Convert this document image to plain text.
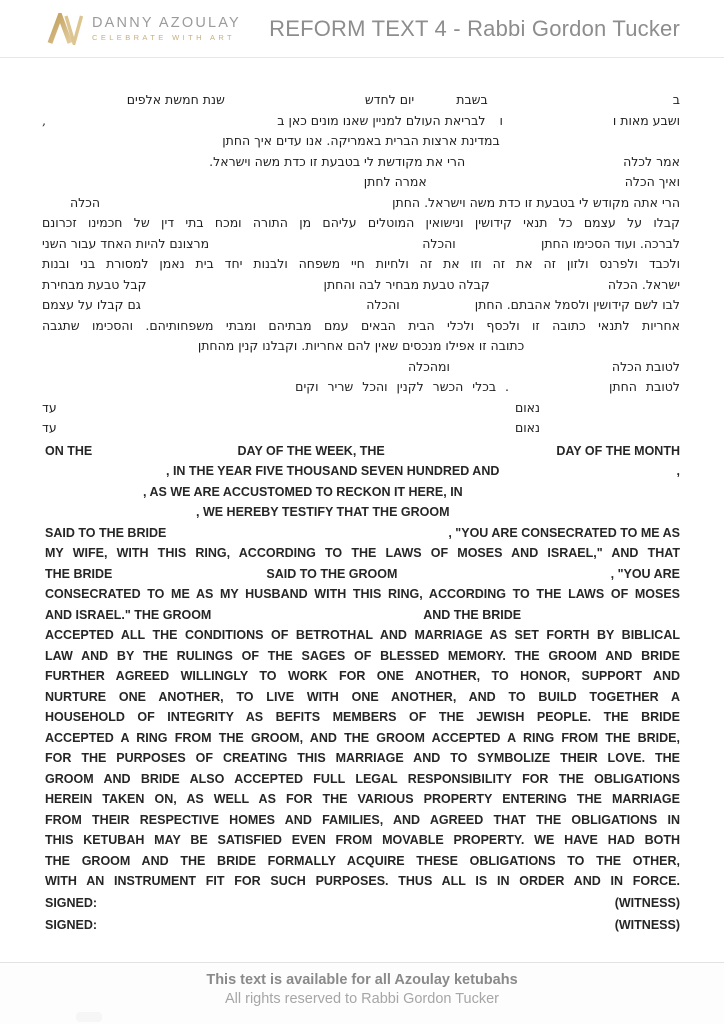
DANNY AZOULAY
CELEBRATE WITH ART REFORM TEXT 4 - Rabbi Gordon Tucker
ב
בשבת
יום לחדש
שנת חמשת אלפים
ושבע מאות ו
ו
לבריאת העולם למניין שאנו מונים כאן ב
,
במדינת ארצות הברית באמריקה. אנו עדים איך החתן
אמר לכלה
הרי את מקודשת לי בטבעת זו כדת משה וישראל.
ואיך הכלה
אמרה לחתן
הרי אתה מקודש לי בטבעת זו כדת משה וישראל. החתן
הכלה
קבלו על עצמם כל תנאי קידושין ונישואין המוטלים עליהם מן התורה ומכח בתי דין של חכמינו זכרונם
לברכה. ועוד הסכימו החתן
והכלה
מרצונם להיות האחד עבור השני
ולכבד ולפרנס ולזון זה את זה וזו את זה ולחיות חיי משפחה ולבנות יחד בית נאמן למסורת בני ובנות
ישראל. הכלה
קבלה טבעת מבחיר לבה והחתן
קבל טבעת מבחירת
לבו לשם קידושין ולסמל אהבתם. החתן
והכלה
גם קבלו על עצמם
אחריות לתנאי כתובה זו ולכסף ולכלי הבית הבאים עמם מבתיהם ומבתי משפחותיהם. והסכימו שתגבה
כתובה זו אפילו מנכסים שאין להם אחריות. וקבלנו קנין מהחתן
לטובת הכלה
ומהכלה
לטובת החתן
. בכלי הכשר לקנין והכל שריר וקים
נאום
עד
נאום
עד
ON THE	DAY OF THE WEEK, THE	DAY OF THE MONTH
, IN THE YEAR FIVE THOUSAND SEVEN HUNDRED AND	,
, AS WE ARE ACCUSTOMED TO RECKON IT HERE, IN
, WE HEREBY TESTIFY THAT THE GROOM
SAID TO THE BRIDE	, "YOU ARE CONSECRATED TO ME AS
MY WIFE, WITH THIS RING, ACCORDING TO THE LAWS OF MOSES AND ISRAEL," AND THAT
THE BRIDE	SAID TO THE GROOM	, "YOU ARE
CONSECRATED TO ME AS MY HUSBAND WITH THIS RING, ACCORDING TO THE LAWS OF MOSES
AND ISRAEL." THE GROOM	AND THE BRIDE
ACCEPTED ALL THE CONDITIONS OF BETROTHAL AND MARRIAGE AS SET FORTH BY BIBLICAL
LAW AND BY THE RULINGS OF THE SAGES OF BLESSED MEMORY. THE GROOM AND BRIDE
FURTHER AGREED WILLINGLY TO WORK FOR ONE ANOTHER, TO HONOR, SUPPORT AND
NURTURE ONE ANOTHER, TO LIVE WITH ONE ANOTHER, AND TO BUILD TOGETHER A
HOUSEHOLD OF INTEGRITY AS BEFITS MEMBERS OF THE JEWISH PEOPLE. THE BRIDE
ACCEPTED A RING FROM THE GROOM, AND THE GROOM ACCEPTED A RING FROM THE BRIDE,
FOR THE PURPOSES OF CREATING THIS MARRIAGE AND TO SYMBOLIZE THEIR LOVE. THE
GROOM AND BRIDE ALSO ACCEPTED FULL LEGAL RESPONSIBILITY FOR THE OBLIGATIONS
HEREIN TAKEN ON, AS WELL AS FOR THE VARIOUS PROPERTY ENTERING THE MARRIAGE
FROM THEIR RESPECTIVE HOMES AND FAMILIES, AND AGREED THAT THE OBLIGATIONS IN
THIS KETUBAH MAY BE SATISFIED EVEN FROM MOVABLE PROPERTY. WE HAVE HAD BOTH
THE GROOM AND THE BRIDE FORMALLY ACQUIRE THESE OBLIGATIONS TO THE OTHER,
WITH AN INSTRUMENT FIT FOR SUCH PURPOSES. THUS ALL IS IN ORDER AND IN FORCE.
SIGNED:	(WITNESS)
SIGNED:	(WITNESS)
This text is available for all Azoulay ketubahs
All rights reserved to Rabbi Gordon Tucker
